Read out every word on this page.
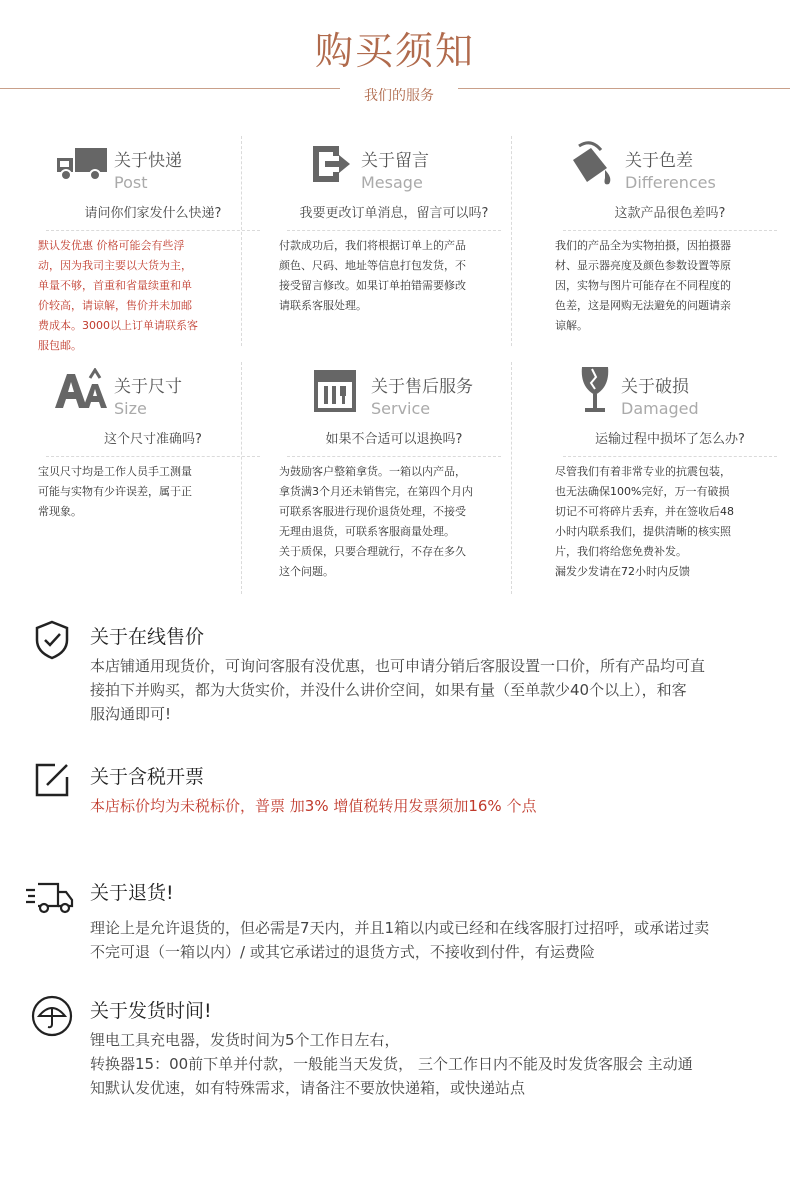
购买须知
我们的服务
关于快递
Post
请问你们家发什么快递?

默认发优惠 价格可能会有些浮

动，因为我司主要以大货为主，

单量不够，首重和省量续重和单

价较高，请谅解，售价并未加邮

费成本。3000以上订单请联系客

服包邮。

关于留言
Mesage
我要更改订单消息，留言可以吗?

付款成功后，我们将根据订单上的产品

颜色、尺码、地址等信息打包发货，不

接受留言修改。如果订单拍错需要修改

请联系客服处理。

关于色差
Differences
这款产品很色差吗?

我们的产品全为实物拍摄，因拍摄器

材、显示器亮度及颜色参数设置等原

因，实物与图片可能存在不同程度的

色差，这是网购无法避免的问题请亲

谅解。

关于尺寸
Size
这个尺寸准确吗?

宝贝尺寸均是工作人员手工测量

可能与实物有少许误差，属于正

常现象。

关于售后服务
Service
如果不合适可以退换吗?

为鼓励客户整箱拿货。一箱以内产品，

拿货满3个月还未销售完，在第四个月内

可联系客服进行现价退货处理，不接受

无理由退货，可联系客服商量处理。

关于质保，只要合理就行，不存在多久

这个问题。

关于破损
Damaged
运输过程中损坏了怎么办?

尽管我们有着非常专业的抗震包装，

也无法确保100%完好，万一有破损

切记不可将碎片丢弃，并在签收后48

小时内联系我们，提供清晰的核实照

片，我们将给您免费补发。

漏发少发请在72小时内反馈

关于在线售价

本店铺通用现货价，可询问客服有没优惠，也可申请分销后客服设置一口价，所有产品均可直

接拍下并购买，都为大货实价，并没什么讲价空间，如果有量（至单款少40个以上），和客

服沟通即可!

关于含税开票

本店标价均为未税标价，普票 加3% 增值税转用发票须加16% 个点

关于退货!

理论上是允许退货的，但必需是7天内，并且1箱以内或已经和在线客服打过招呼，或承诺过卖

不完可退（一箱以内）/ 或其它承诺过的退货方式，不接收到付件，有运费险

关于发货时间!

锂电工具充电器，发货时间为5个工作日左右，

转换器15：00前下单并付款，一般能当天发货， 三个工作日内不能及时发货客服会 主动通

知默认发优速，如有特殊需求，请备注不要放快递箱，或快递站点
